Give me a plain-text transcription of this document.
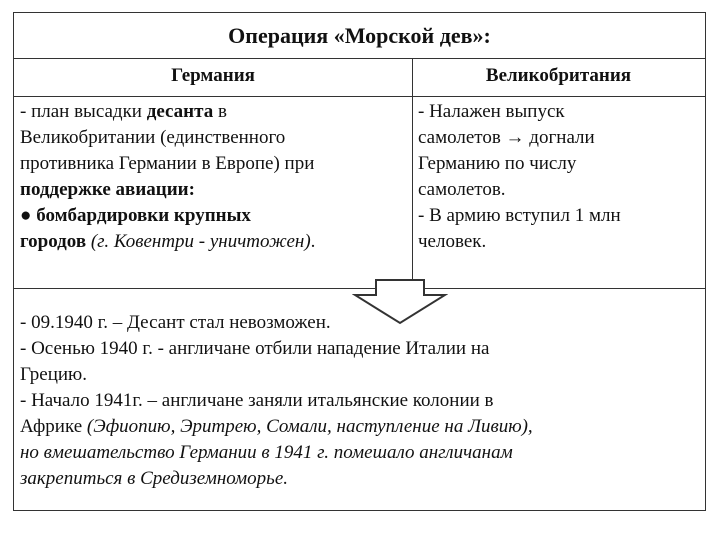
Операция «Морской дев»:
Германия	Великобритания
- план высадки десанта в
Великобритании (единственного
противника Германии в Европе) при
поддержке авиации:
● бомбардировки крупных
городов (г. Ковентри - уничтожен).
- Налажен выпуск
самолетов → догнали
Германию по числу
самолетов.
- В армию вступил 1 млн
человек.
- 09.1940 г. – Десант стал невозможен.
- Осенью 1940 г. - англичане отбили нападение Италии на
Грецию.
- Начало 1941г. – англичане заняли итальянские колонии в
Африке (Эфиопию, Эритрею, Сомали, наступление на Ливию),
но вмешательство Германии в 1941 г. помешало англичанам
закрепиться в Средиземноморье.
